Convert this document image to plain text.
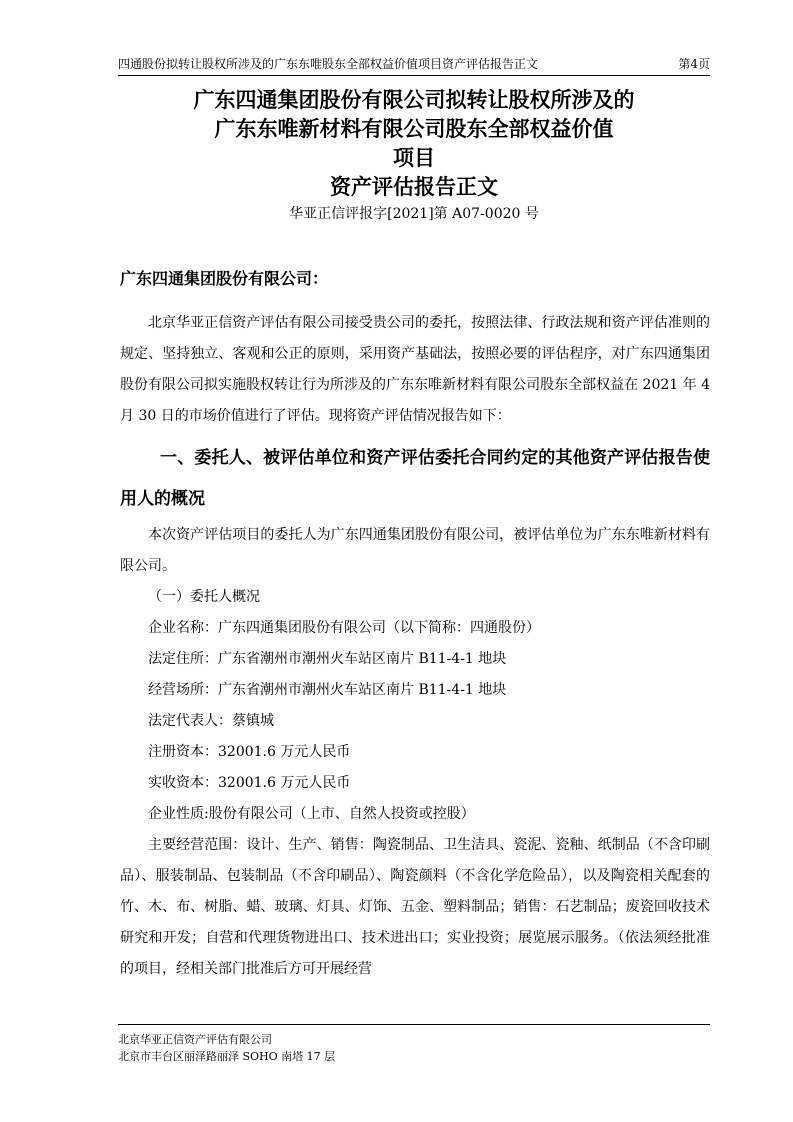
四通股份拟转让股权所涉及的广东东唯股东全部权益价值项目资产评估报告正文	第4页
广东四通集团股份有限公司拟转让股权所涉及的
广东东唯新材料有限公司股东全部权益价值
项目
资产评估报告正文
华亚正信评报字[2021]第 A07-0020 号
广东四通集团股份有限公司：

北京华亚正信资产评估有限公司接受贵公司的委托，按照法律、行政法规和资产评估准则的规定、坚持独立、客观和公正的原则，采用资产基础法，按照必要的评估程序，对广东四通集团股份有限公司拟实施股权转让行为所涉及的广东东唯新材料有限公司股东全部权益在 2021 年 4 月 30 日的市场价值进行了评估。现将资产评估情况报告如下：

一、委托人、被评估单位和资产评估委托合同约定的其他资产评估报告使用人的概况

本次资产评估项目的委托人为广东四通集团股份有限公司，被评估单位为广东东唯新材料有限公司。

（一）委托人概况

企业名称：广东四通集团股份有限公司（以下简称：四通股份）

法定住所：广东省潮州市潮州火车站区南片 B11-4-1 地块

经营场所：广东省潮州市潮州火车站区南片 B11-4-1 地块

法定代表人：蔡镇城

注册资本：32001.6 万元人民币

实收资本：32001.6 万元人民币

企业性质:股份有限公司（上市、自然人投资或控股）

主要经营范围：设计、生产、销售：陶瓷制品、卫生洁具、瓷泥、瓷釉、纸制品（不含印刷品）、服装制品、包装制品（不含印刷品）、陶瓷颜料（不含化学危险品），以及陶瓷相关配套的竹、木、布、树脂、蜡、玻璃、灯具、灯饰、五金、塑料制品；销售：石艺制品；废瓷回收技术研究和开发；自营和代理货物进出口、技术进出口；实业投资；展览展示服务。（依法须经批准的项目，经相关部门批准后方可开展经营

北京华亚正信资产评估有限公司
北京市丰台区丽泽路丽泽 SOHO 南塔 17 层
